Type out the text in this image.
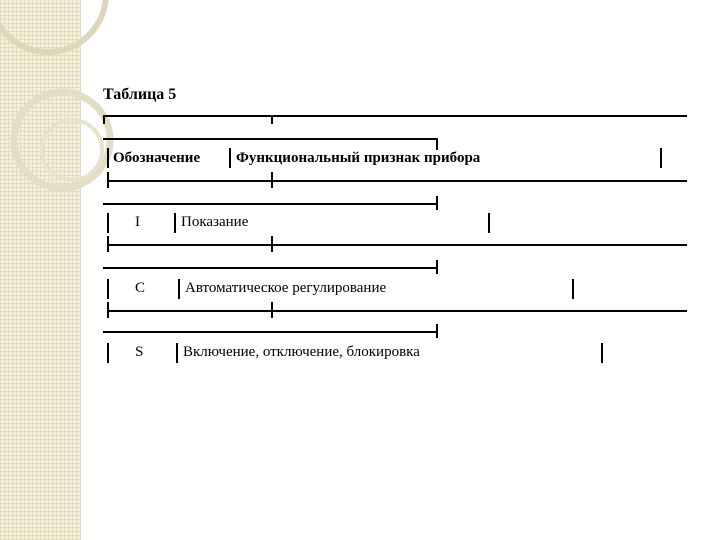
Таблица 5
Обозначение Функциональный признак прибора
I	Показание
C	Автоматическое регулирование
S	Включение, отключение, блокировка
